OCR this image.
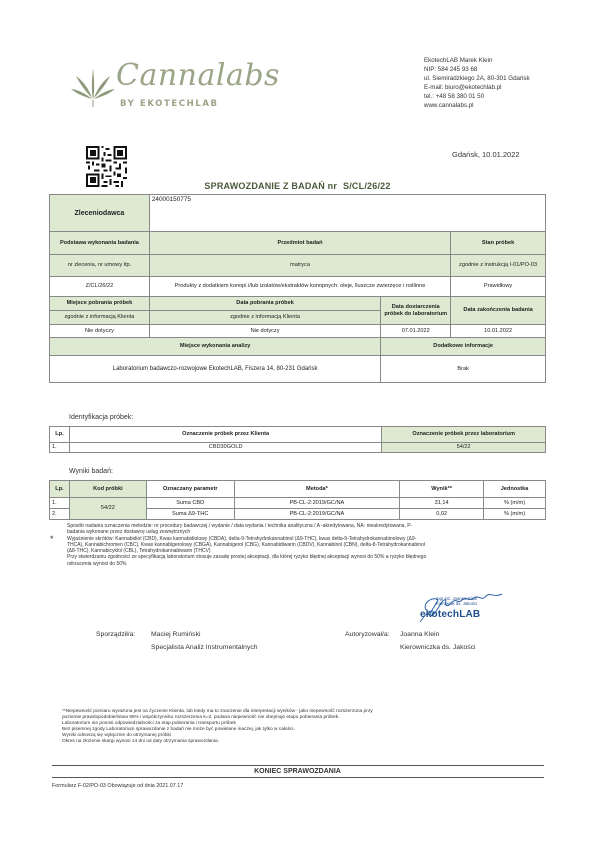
Cannalabs
BY EKOTECHLAB
EkotechLAB Marek Klein
NIP: 584 245 93 68
ul. Siemiradzkiego 2A, 80-301 Gdańsk
E-mail: biuro@ekotechlab.pl
tel.: +48 58 380 01 50
www.cannalabs.pl
Gdańsk, 10.01.2022
SPRAWOZDANIE Z BADAŃ nr S/CL/26/22
Zleceniodawca	24000150775		
Podstawa wykonania badania	Przedmiot badań		Stan próbek
nr zlecenia, nr umowy itp.	matryca		zgodnie z instrukcją I-01/PO-03
Z/CL/26/22	Produkty z dodatkiem konopi i/lub izolatów/ekstraktów konopnych: oleje, lluszcze zwierzęce i roślinne		Prawidłowy
Miejsce pobrania próbek	Data pobrania próbek	Data dostarczenia próbek do laboratorium	Data zakończenia badania
zgodnie z informacją Klienta	zgodnie z informacją Klienta		
Nie dotyczy	Nie dotyczy	07.01.2022	10.01.2022
Miejsce wykonania analizy		Dodatkowe informacje	
Laboratorium badawczo-rozwojowe EkotechLAB, Fiszera 14, 80-231 Gdańsk		Brak	
Identyfikacja próbek:
Lp.	Oznaczenie próbek przez Klienta	Oznaczenie próbek przez laboratorium
1.	CBD30GOLD	54/22
Wyniki badań:
Lp.	Kod próbki	Oznaczany parametr	Metoda*	Wynik**	Jednostka
1.	54/22	Suma CBD	PB-CL-2:2019/GC/NA	31,14	% (m/m)
2.		Suma Δ9-THC	PB-CL-2:2019/GC/NA	0,02	% (m/m)
*
Sposób nadania oznaczenia metodzie: nr procedury badawczej / wydanie / data wydania / technika analityczna / A -akredytowana, NA- nieakredytowana, P-
badania wykonane przez dostawcę usług zewnętrznych
Wyjaśnienie skrótów: Kannabidiol (CBD), Kwas kannabidiolowy (CBDA), delta-9-Tetrahydrokannabinol (Δ9-THC), kwas delta-9-Tetrahydrokannabinolowy (Δ9-
THCA), Kannabichromen (CBC), Kwas kannabigerolowy (CBGA), Kannabigerol (CBG), Kannabidiwarin (CBDV), Kannabinol (CBN), delta-8-Tetrahydrokannabinol
(Δ8-THC), Kannabicyklol (CBL), Tetrahydrokannabiwarin (THCV)
Przy stwierdzaniu zgodności ze specyfikacją laboratorium stosuje zasadę prostej akceptacji, dla której ryzyko błędnej akceptacji wynosi do 50% a ryzyko błędnego
odrzucenia wynosi do 50%
mgr inż. Joanna Klein
Kierownik ds. Jakości
ekotechLAB
Sporządził/a: Maciej Rumiński
Specjalista Analiz Instrumentalnych
Autoryzował/a: Joanna Klein
Kierowniczka ds. Jakości
**Niepewność pomiaru wyrażona jest na życzenie Klienta. lub kiedy ma to znaczenie dla interpretacji wyników - jako niepewność rozszerzona przy
poziomie prawdopodobieństwa 95% i współczynniku rozszerzenia k=2, podana niepewność nie obejmuje etapu pobierania próbek.
Laboratorium nie ponosi odpowiedzialności za etap pobierania i transportu próbek
Bez pisemnej zgody Laboratorium sprawozdanie z badań nie może być powielane inaczej, jak tylko w całości.
Wyniki odnoszą się wyłącznie do otrzymanej próbki
Okres na złożenie skargi wynosi 14 dni od daty otrzymania sprawozdania.
KONIEC SPRAWOZDANIA
Formularz F-02/PO-03 Obowiązuje od dnia 2021.07.17
